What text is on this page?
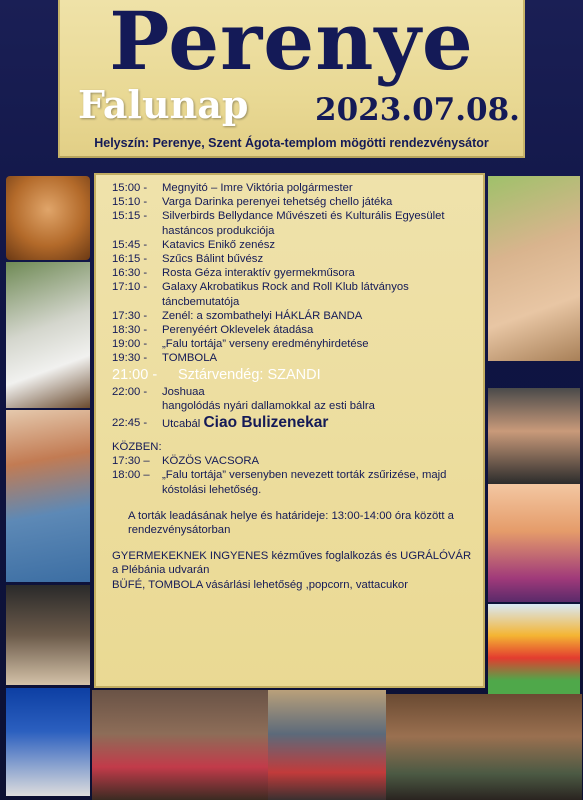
Perenye
Falunap 2023.07.08.
Helyszín: Perenye, Szent Ágota-templom mögötti rendezvénysátor
15:00 -	Megnyitó – Imre Viktória polgármester
15:10 -	Varga Darinka perenyei tehetség chello játéka
15:15 -	Silverbirds Bellydance Művészeti és Kulturális Egyesület hastáncos produkciója
15:45 -	Katavics Enikő zenész
16:15 -	Szűcs Bálint bűvész
16:30 -	Rosta Géza interaktív gyermekműsora
17:10 -	Galaxy Akrobatikus Rock and Roll Klub látványos táncbemutatója
17:30 -	Zenél: a szombathelyi HÁKLÁR BANDA
18:30 -	Perenyéért Oklevelek átadása
19:00 -	„Falu tortája” verseny eredményhirdetése
19:30 -	TOMBOLA
21:00 -	Sztárvendég: SZANDI
22:00 -	Joshuaa
hangolódás nyári dallamokkal az esti bálra
22:45 -	Utcabál Ciao Bulizenekar
KÖZBEN:
17:30 –	KÖZÖS VACSORA
18:00 –	„Falu tortája” versenyben nevezett torták zsűrizése, majd kóstolási lehetőség.
A torták leadásának helye és határideje: 13:00-14:00 óra között a rendezvénysátorban
GYERMEKEKNEK INGYENES kézműves foglalkozás és UGRÁLÓVÁR a Plébánia udvarán
BÜFÉ, TOMBOLA vásárlási lehetőség ,popcorn, vattacukor
